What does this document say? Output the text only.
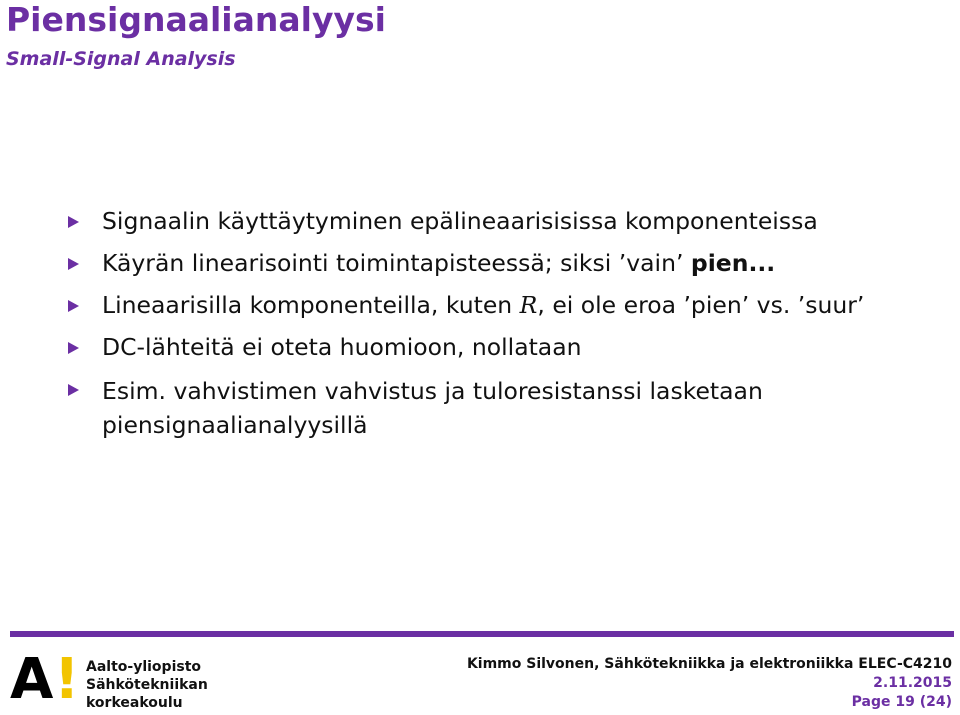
Piensignaalianalyysi
Small-Signal Analysis
Signaalin käyttäytyminen epälineaarisisissa komponenteissa
Käyrän linearisointi toimintapisteessä; siksi ’vain’ pien...
Lineaarisilla komponenteilla, kuten R, ei ole eroa ’pien’ vs. ’suur’
DC-lähteitä ei oteta huomioon, nollataan
Esim. vahvistimen vahvistus ja tuloresistanssi lasketaan piensignaalianalyysillä
A ! Aalto-yliopisto
Sähkötekniikan
korkeakoulu
Kimmo Silvonen, Sähkötekniikka ja elektroniikka ELEC-C4210
2.11.2015
Page 19 (24)
